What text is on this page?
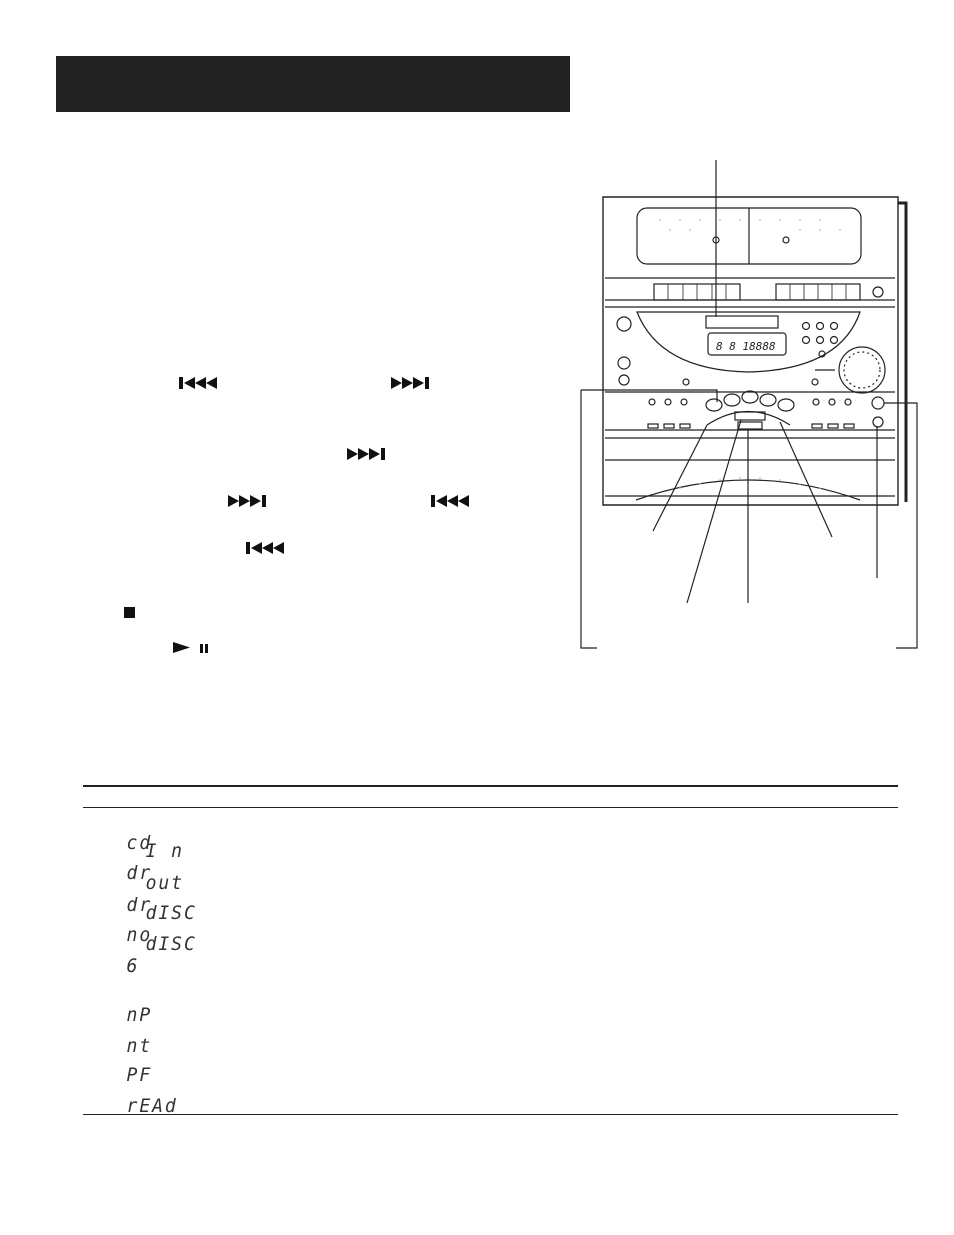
8 8 18888

cd

dr
I n

dr
out

no
dISC

6
dISC

nP

nt

PF

rEAd
